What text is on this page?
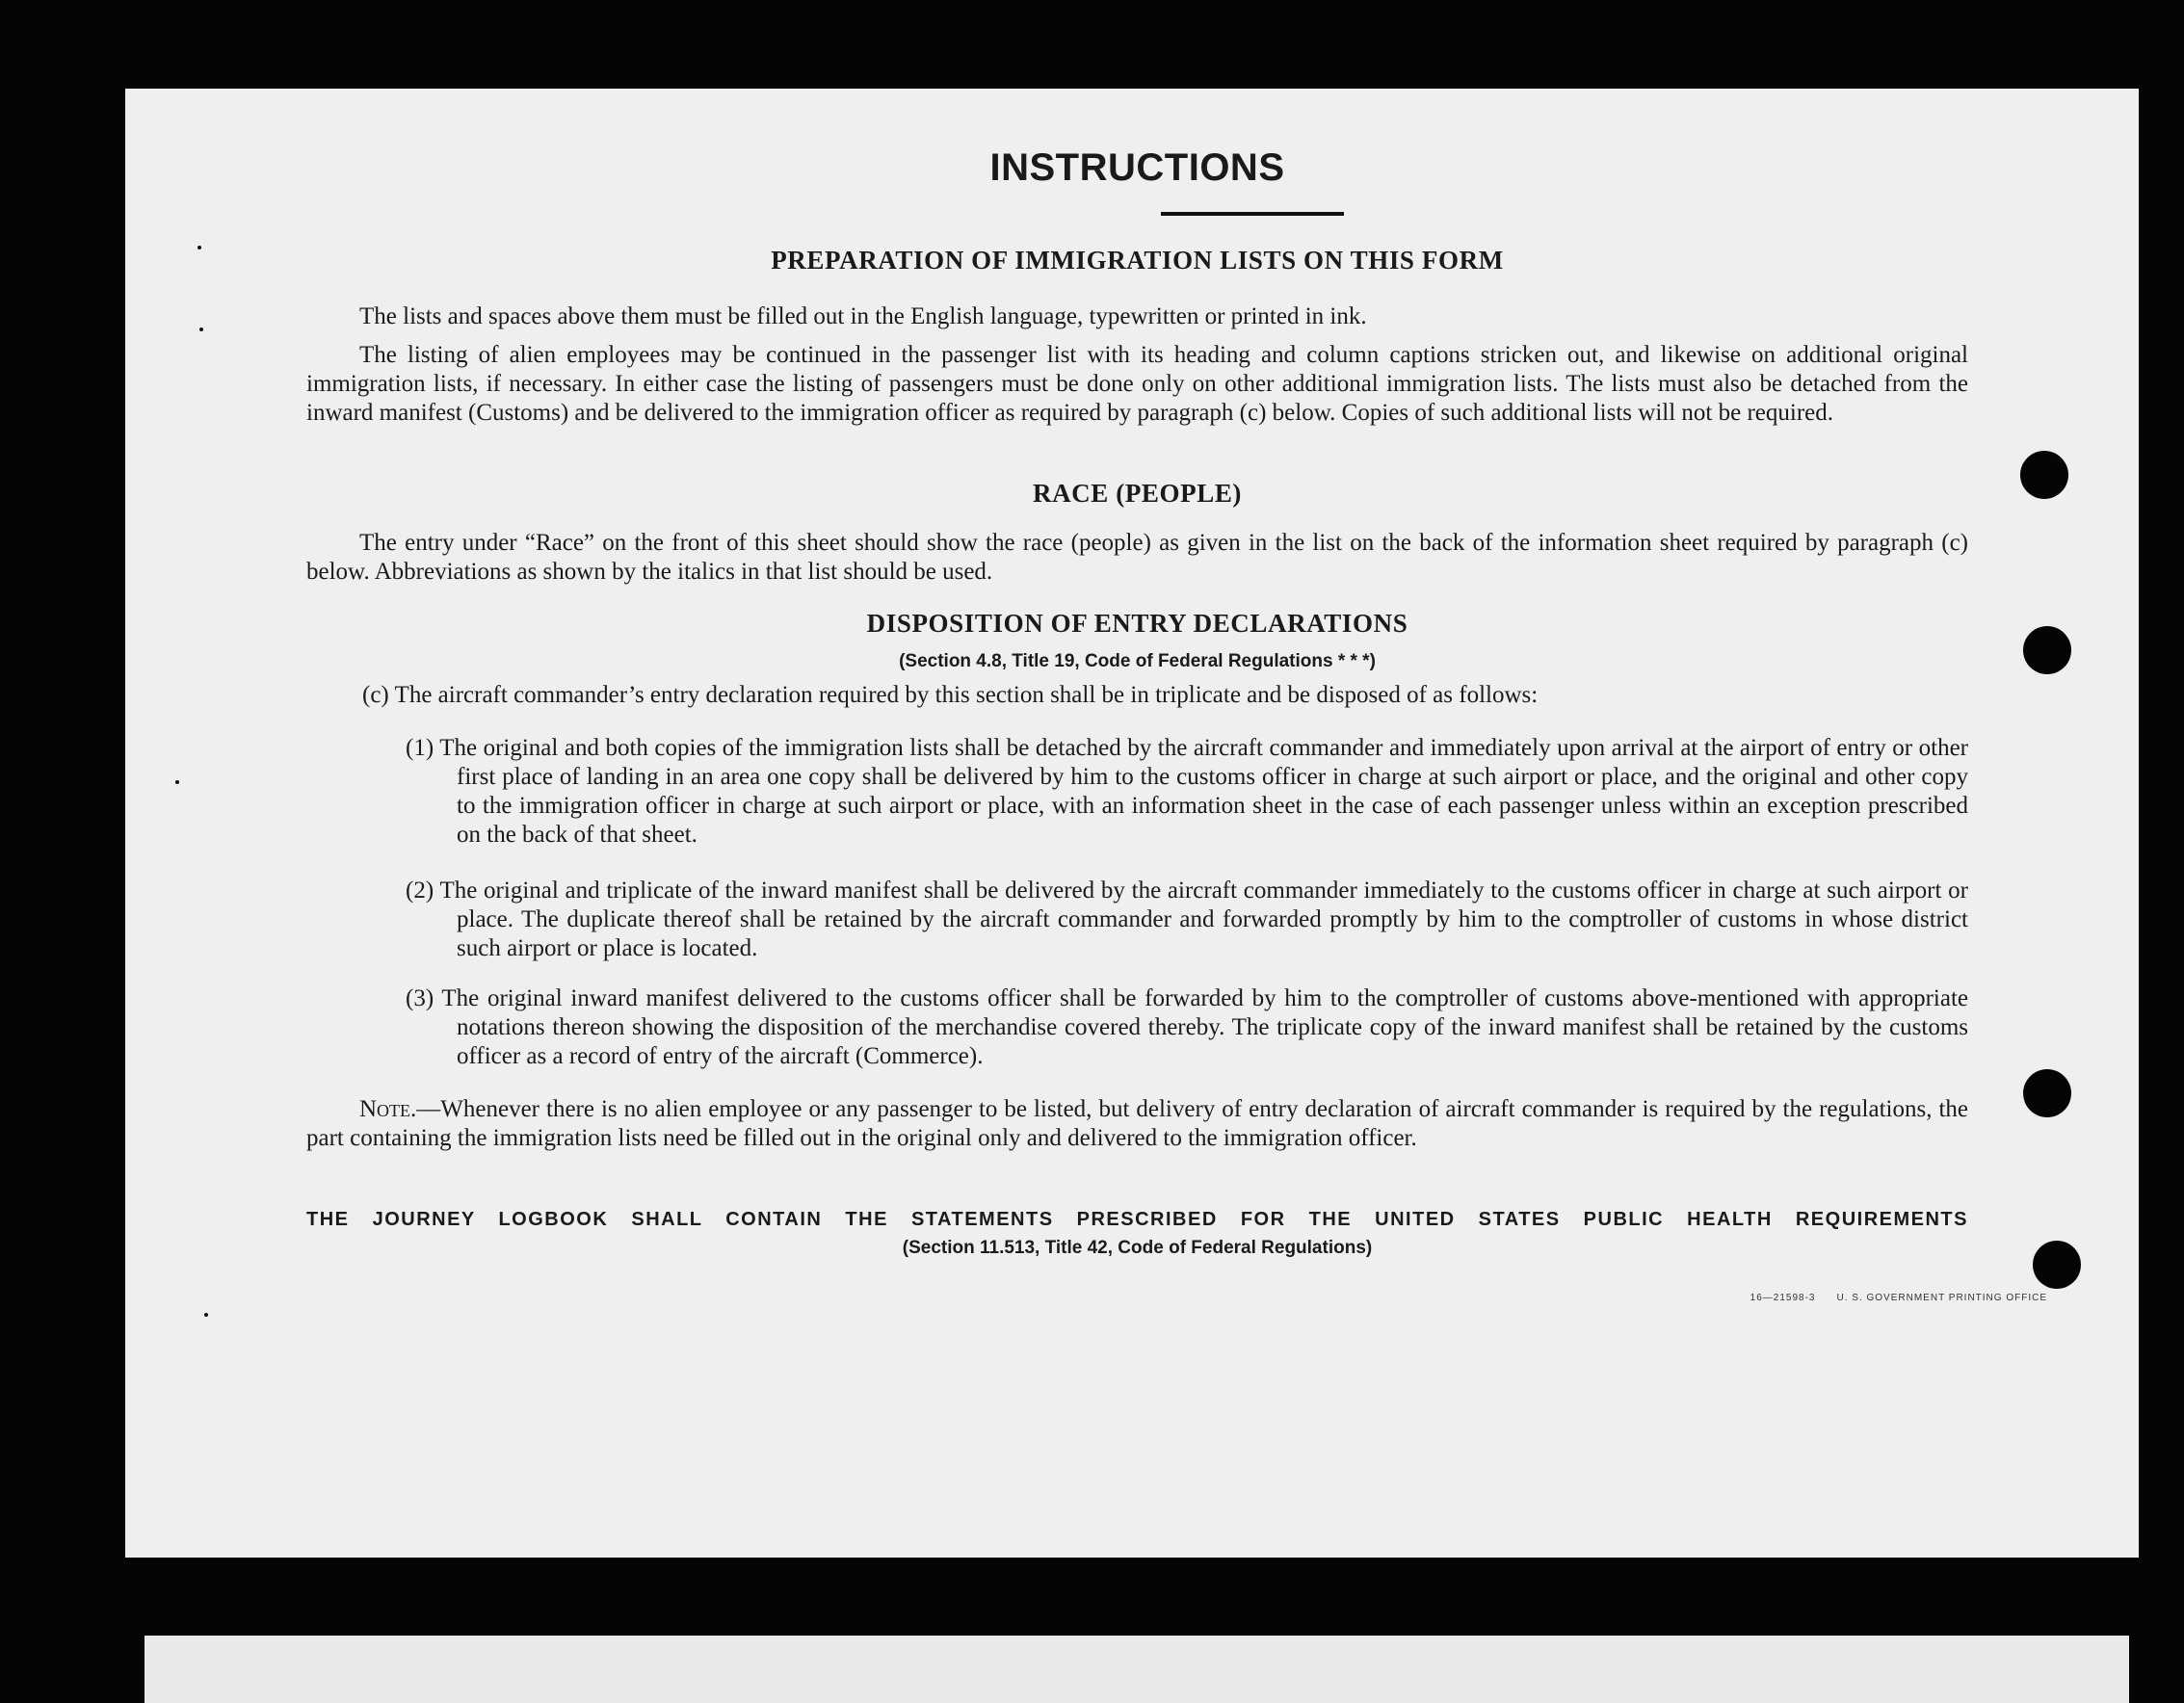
INSTRUCTIONS
PREPARATION OF IMMIGRATION LISTS ON THIS FORM
The lists and spaces above them must be filled out in the English language, typewritten or printed in ink.
The listing of alien employees may be continued in the passenger list with its heading and column captions stricken out, and likewise on additional original immigration lists, if necessary. In either case the listing of passengers must be done only on other additional immigration lists. The lists must also be detached from the inward manifest (Customs) and be delivered to the immigration officer as required by paragraph (c) below. Copies of such additional lists will not be required.
RACE (PEOPLE)
The entry under “Race” on the front of this sheet should show the race (people) as given in the list on the back of the information sheet required by paragraph (c) below. Abbreviations as shown by the italics in that list should be used.
DISPOSITION OF ENTRY DECLARATIONS
(Section 4.8, Title 19, Code of Federal Regulations * * *)
(c) The aircraft commander’s entry declaration required by this section shall be in triplicate and be disposed of as follows:
(1) The original and both copies of the immigration lists shall be detached by the aircraft commander and immediately upon arrival at the airport of entry or other first place of landing in an area one copy shall be delivered by him to the customs officer in charge at such airport or place, and the original and other copy to the immigration officer in charge at such airport or place, with an information sheet in the case of each passenger unless within an exception prescribed on the back of that sheet.
(2) The original and triplicate of the inward manifest shall be delivered by the aircraft commander immediately to the customs officer in charge at such airport or place. The duplicate thereof shall be retained by the aircraft commander and forwarded promptly by him to the comptroller of customs in whose district such airport or place is located.
(3) The original inward manifest delivered to the customs officer shall be forwarded by him to the comptroller of customs above-mentioned with appropriate notations thereon showing the disposition of the merchandise covered thereby. The triplicate copy of the inward manifest shall be retained by the customs officer as a record of entry of the aircraft (Commerce).
Note.—Whenever there is no alien employee or any passenger to be listed, but delivery of entry declaration of aircraft commander is required by the regulations, the part containing the immigration lists need be filled out in the original only and delivered to the immigration officer.
THE JOURNEY LOGBOOK SHALL CONTAIN THE STATEMENTS PRESCRIBED FOR THE UNITED STATES PUBLIC HEALTH REQUIREMENTS
(Section 11.513, Title 42, Code of Federal Regulations)
16—21598-3 U. S. GOVERNMENT PRINTING OFFICE
